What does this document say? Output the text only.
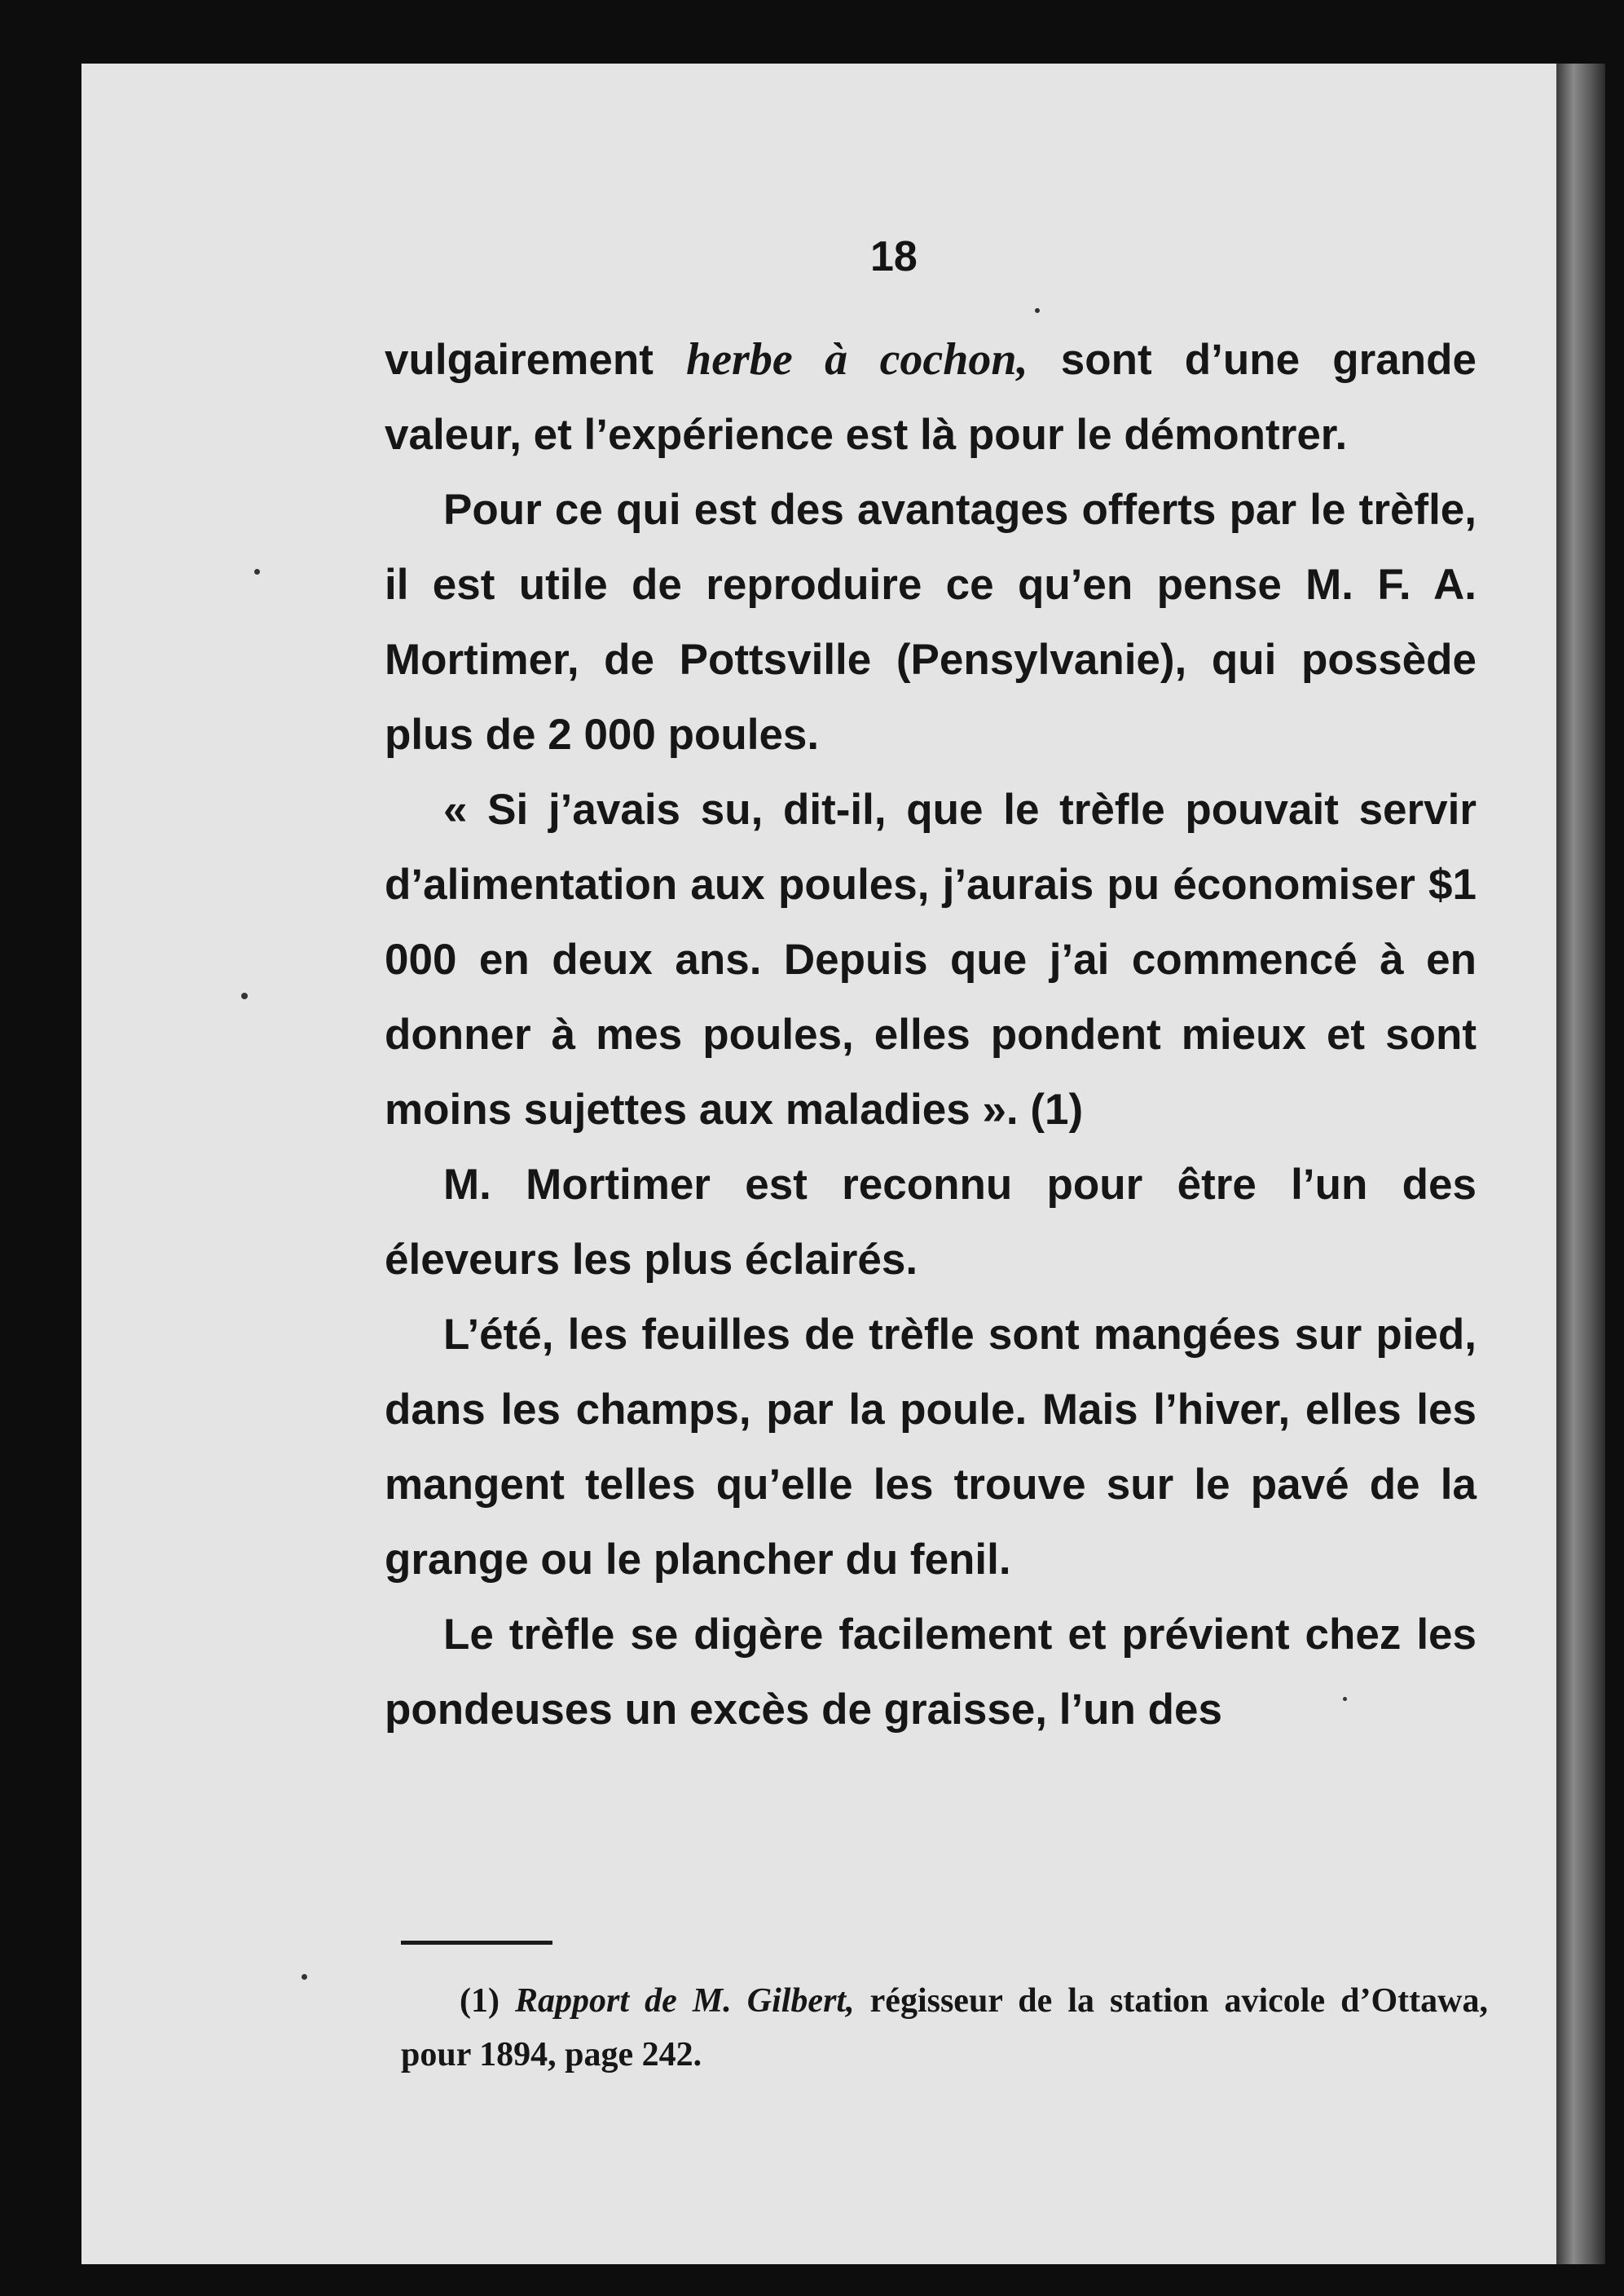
18

vulgairement herbe à cochon, sont d’une grande valeur, et l’expérience est là pour le démontrer.

Pour ce qui est des avantages offerts par le trèfle, il est utile de reproduire ce qu’en pense M. F. A. Mortimer, de Pottsville (Pensylvanie), qui possède plus de 2 000 poules.

« Si j’avais su, dit-il, que le trèfle pouvait servir d’alimentation aux poules, j’aurais pu économiser $1 000 en deux ans. Depuis que j’ai commencé à en donner à mes poules, elles pondent mieux et sont moins sujettes aux maladies ». (1)

M. Mortimer est reconnu pour être l’un des éleveurs les plus éclairés.

L’été, les feuilles de trèfle sont mangées sur pied, dans les champs, par la poule. Mais l’hiver, elles les mangent telles qu’elle les trouve sur le pavé de la grange ou le plancher du fenil.

Le trèfle se digère facilement et prévient chez les pondeuses un excès de graisse, l’un des

(1) Rapport de M. Gilbert, régisseur de la station avicole d’Ottawa, pour 1894, page 242.
